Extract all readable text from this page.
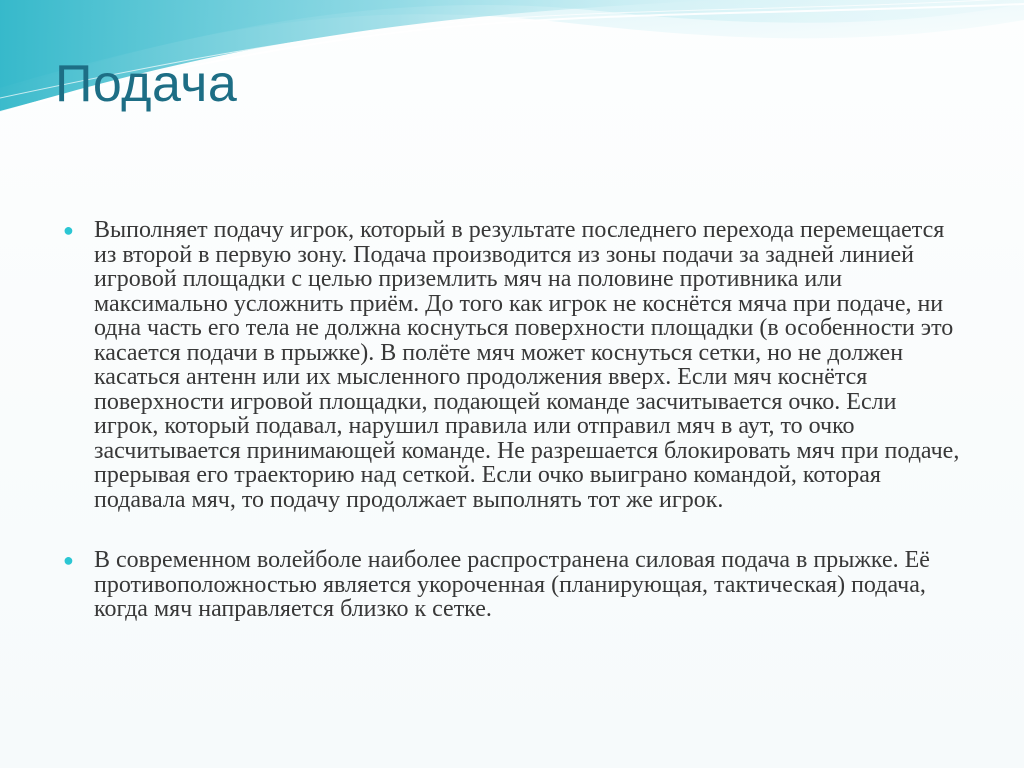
Подача
● Выполняет подачу игрок, который в результате последнего перехода перемещается из второй в первую зону. Подача производится из зоны подачи за задней линией игровой площадки с целью приземлить мяч на половине противника или максимально усложнить приём. До того как игрок не коснётся мяча при подаче, ни одна часть его тела не должна коснуться поверхности площадки (в особенности это касается подачи в прыжке). В полёте мяч может коснуться сетки, но не должен касаться антенн или их мысленного продолжения вверх. Если мяч коснётся поверхности игровой площадки, подающей команде засчитывается очко. Если игрок, который подавал, нарушил правила или отправил мяч в аут, то очко засчитывается принимающей команде. Не разрешается блокировать мяч при подаче, прерывая его траекторию над сеткой. Если очко выиграно командой, которая подавала мяч, то подачу продолжает выполнять тот же игрок.
● В современном волейболе наиболее распространена силовая подача в прыжке. Её противоположностью является укороченная (планирующая, тактическая) подача, когда мяч направляется близко к сетке.
